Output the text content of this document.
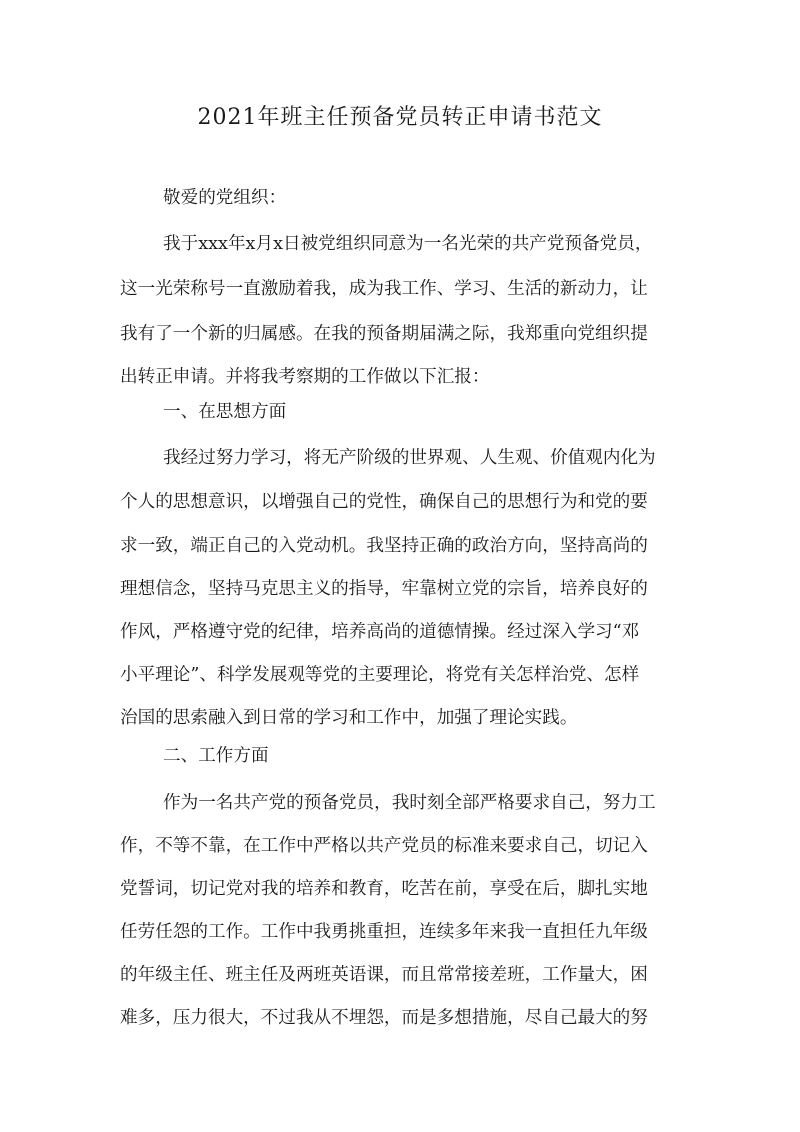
2021年班主任预备党员转正申请书范文

敬爱的党组织：

我于xxx年x月x日被党组织同意为一名光荣的共产党预备党员，

这一光荣称号一直激励着我，成为我工作、学习、生活的新动力，让

我有了一个新的归属感。在我的预备期届满之际，我郑重向党组织提

出转正申请。并将我考察期的工作做以下汇报：

一、在思想方面

我经过努力学习，将无产阶级的世界观、人生观、价值观内化为

个人的思想意识，以增强自己的党性，确保自己的思想行为和党的要

求一致，端正自己的入党动机。我坚持正确的政治方向，坚持高尚的

理想信念，坚持马克思主义的指导，牢靠树立党的宗旨，培养良好的

作风，严格遵守党的纪律，培养高尚的道德情操。经过深入学习“邓

小平理论”、科学发展观等党的主要理论，将党有关怎样治党、怎样

治国的思索融入到日常的学习和工作中，加强了理论实践。

二、工作方面

作为一名共产党的预备党员，我时刻全部严格要求自己，努力工

作，不等不靠，在工作中严格以共产党员的标准来要求自己，切记入

党誓词，切记党对我的培养和教育，吃苦在前，享受在后，脚扎实地

任劳任怨的工作。工作中我勇挑重担，连续多年来我一直担任九年级

的年级主任、班主任及两班英语课，而且常常接差班，工作量大，困

难多，压力很大，不过我从不埋怨，而是多想措施，尽自己最大的努
